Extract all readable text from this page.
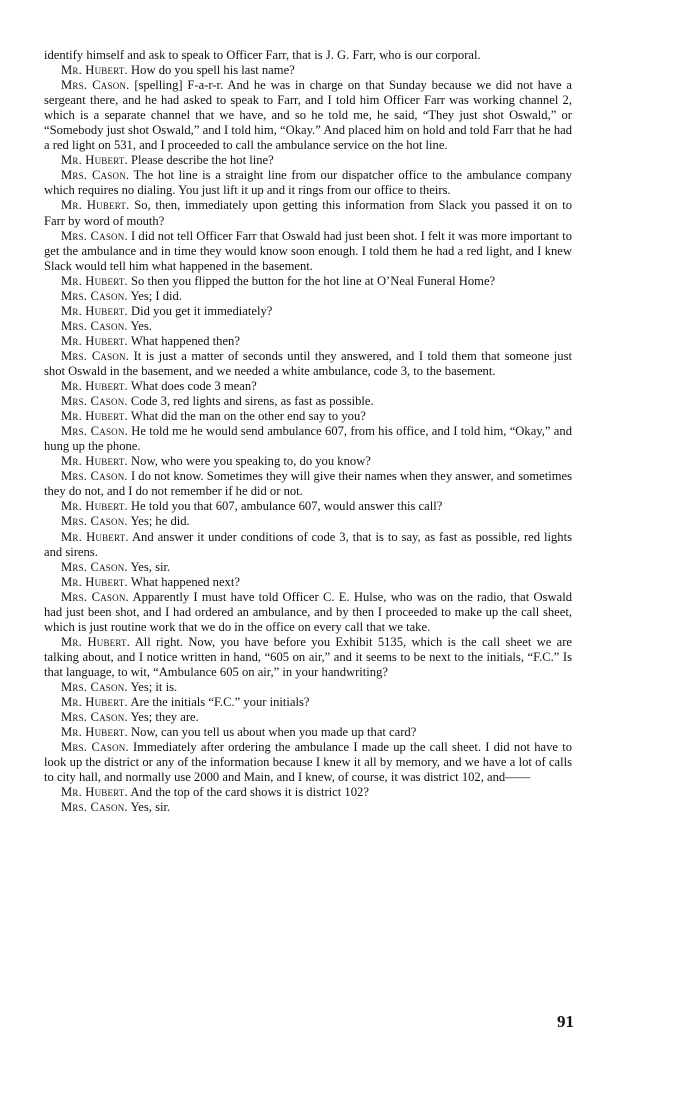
identify himself and ask to speak to Officer Farr, that is J. G. Farr, who is our corporal.

Mr. Hubert. How do you spell his last name?

Mrs. Cason. [spelling] F-a-r-r. And he was in charge on that Sunday because we did not have a sergeant there, and he had asked to speak to Farr, and I told him Officer Farr was working channel 2, which is a separate channel that we have, and so he told me, he said, “They just shot Oswald,” or “Somebody just shot Oswald,” and I told him, “Okay.” And placed him on hold and told Farr that he had a red light on 531, and I proceeded to call the ambulance service on the hot line.

Mr. Hubert. Please describe the hot line?

Mrs. Cason. The hot line is a straight line from our dispatcher office to the ambulance company which requires no dialing. You just lift it up and it rings from our office to theirs.

Mr. Hubert. So, then, immediately upon getting this information from Slack you passed it on to Farr by word of mouth?

Mrs. Cason. I did not tell Officer Farr that Oswald had just been shot. I felt it was more important to get the ambulance and in time they would know soon enough. I told them he had a red light, and I knew Slack would tell him what happened in the basement.

Mr. Hubert. So then you flipped the button for the hot line at O’Neal Funeral Home?

Mrs. Cason. Yes; I did.

Mr. Hubert. Did you get it immediately?

Mrs. Cason. Yes.

Mr. Hubert. What happened then?

Mrs. Cason. It is just a matter of seconds until they answered, and I told them that someone just shot Oswald in the basement, and we needed a white ambulance, code 3, to the basement.

Mr. Hubert. What does code 3 mean?

Mrs. Cason. Code 3, red lights and sirens, as fast as possible.

Mr. Hubert. What did the man on the other end say to you?

Mrs. Cason. He told me he would send ambulance 607, from his office, and I told him, “Okay,” and hung up the phone.

Mr. Hubert. Now, who were you speaking to, do you know?

Mrs. Cason. I do not know. Sometimes they will give their names when they answer, and sometimes they do not, and I do not remember if he did or not.

Mr. Hubert. He told you that 607, ambulance 607, would answer this call?

Mrs. Cason. Yes; he did.

Mr. Hubert. And answer it under conditions of code 3, that is to say, as fast as possible, red lights and sirens.

Mrs. Cason. Yes, sir.

Mr. Hubert. What happened next?

Mrs. Cason. Apparently I must have told Officer C. E. Hulse, who was on the radio, that Oswald had just been shot, and I had ordered an ambulance, and by then I proceeded to make up the call sheet, which is just routine work that we do in the office on every call that we take.

Mr. Hubert. All right. Now, you have before you Exhibit 5135, which is the call sheet we are talking about, and I notice written in hand, “605 on air,” and it seems to be next to the initials, “F.C.” Is that language, to wit, “Ambulance 605 on air,” in your handwriting?

Mrs. Cason. Yes; it is.

Mr. Hubert. Are the initials “F.C.” your initials?

Mrs. Cason. Yes; they are.

Mr. Hubert. Now, can you tell us about when you made up that card?

Mrs. Cason. Immediately after ordering the ambulance I made up the call sheet. I did not have to look up the district or any of the information because I knew it all by memory, and we have a lot of calls to city hall, and normally use 2000 and Main, and I knew, of course, it was district 102, and——

Mr. Hubert. And the top of the card shows it is district 102?

Mrs. Cason. Yes, sir.

91
